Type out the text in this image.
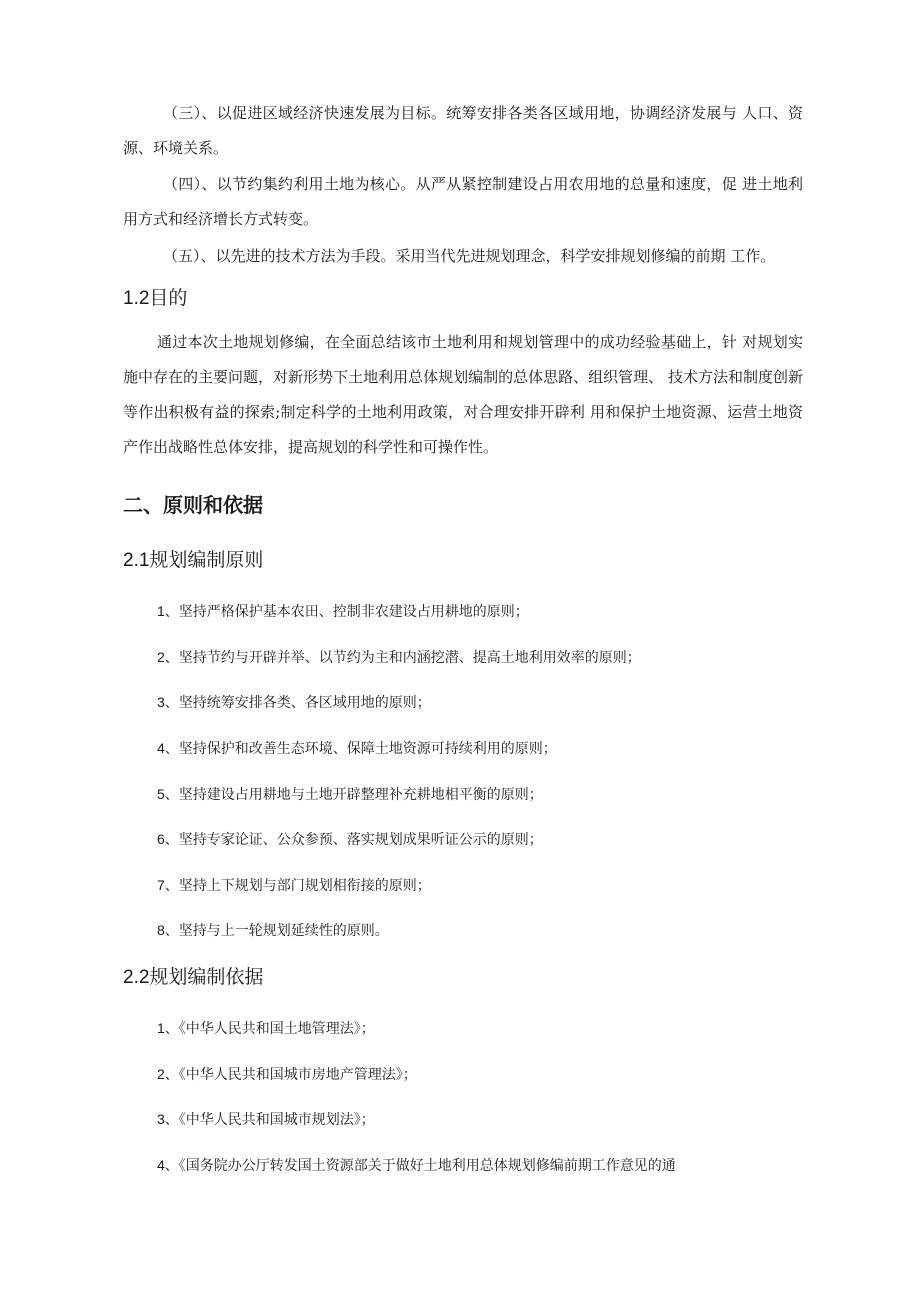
（三）、以促进区域经济快速发展为目标。统筹安排各类各区域用地，协调经济发展与 人口、资源、环境关系。

（四）、以节约集约利用土地为核心。从严从紧控制建设占用农用地的总量和速度，促 进土地利用方式和经济增长方式转变。

（五）、以先进的技术方法为手段。采用当代先进规划理念，科学安排规划修编的前期 工作。

1.2目的

通过本次土地规划修编，在全面总结该市土地利用和规划管理中的成功经验基础上，针 对规划实施中存在的主要问题，对新形势下土地利用总体规划编制的总体思路、组织管理、 技术方法和制度创新等作出积极有益的探索;制定科学的土地利用政策，对合理安排开辟利 用和保护土地资源、运营土地资产作出战略性总体安排，提高规划的科学性和可操作性。

二、原则和依据
2.1规划编制原则

1、坚持严格保护基本农田、控制非农建设占用耕地的原则；

2、坚持节约与开辟并举、以节约为主和内涵挖潜、提高土地利用效率的原则；

3、坚持统筹安排各类、各区域用地的原则；

4、坚持保护和改善生态环境、保障土地资源可持续利用的原则；

5、坚持建设占用耕地与土地开辟整理补充耕地相平衡的原则；

6、坚持专家论证、公众参预、落实规划成果听证公示的原则；

7、坚持上下规划与部门规划相衔接的原则；

8、坚持与上一轮规划延续性的原则。

2.2规划编制依据

1、《中华人民共和国土地管理法》；

2、《中华人民共和国城市房地产管理法》；

3、《中华人民共和国城市规划法》；

4、《国务院办公厅转发国土资源部关于做好土地利用总体规划修编前期工作意见的通
